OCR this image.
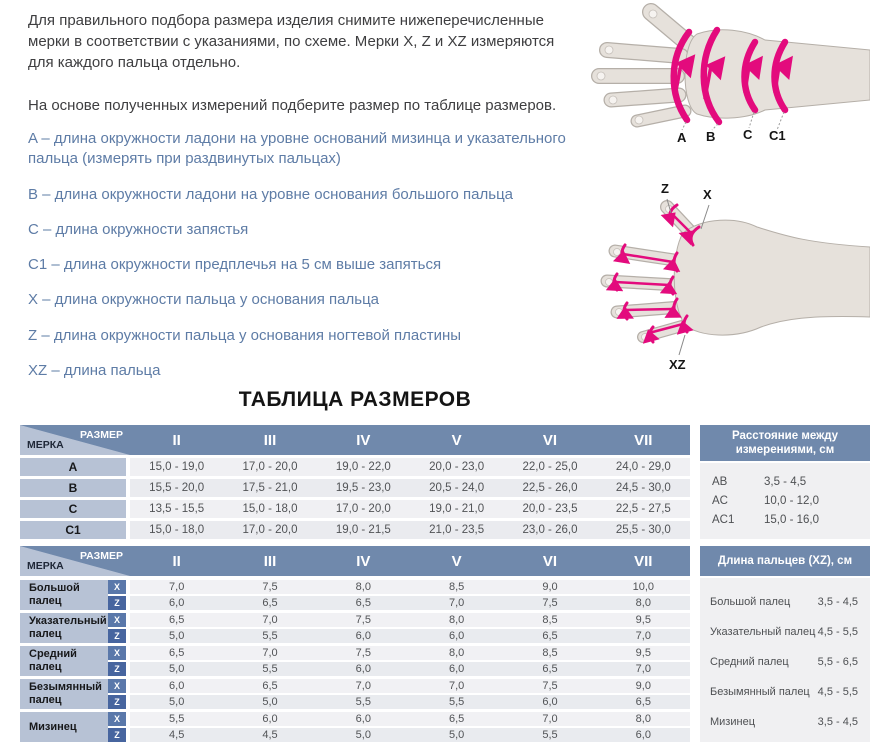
Для правильного подбора размера изделия снимите нижеперечисленные мерки в соответствии с указаниями, по схеме. Мерки X, Z и XZ измеряются для каждого пальца отдельно.

На основе полученных измерений подберите размер по таблице размеров.

A – длина окружности ладони на уровне оснований мизинца и указательного пальца (измерять при раздвинутых пальцах)
B – длина окружности ладони на уровне основания большого пальца
C – длина окружности запястья
C1 – длина окружности предплечья на 5 см выше запяться
X – длина окружности пальца у основания пальца
Z – длина окружности пальца у основания ногтевой пластины
XZ – длина пальца
A B C C1
Z	X
XZ
ТАБЛИЦА РАЗМЕРОВ
РАЗМЕР
МЕРКА	II	III	IV	V	VI	VII
A	15,0 - 19,0	17,0 - 20,0	19,0 - 22,0	20,0 - 23,0	22,0 - 25,0	24,0 - 29,0
B	15,5 - 20,0	17,5 - 21,0	19,5 - 23,0	20,5 - 24,0	22,5 - 26,0	24,5 - 30,0
C	13,5 - 15,5	15,0 - 18,0	17,0 - 20,0	19,0 - 21,0	20,0 - 23,5	22,5 - 27,5
C1	15,0 - 18,0	17,0 - 20,0	19,0 - 21,5	21,0 - 23,5	23,0 - 26,0	25,5 - 30,0
Расстояние между измерениями, см
AB	3,5 - 4,5
AC	10,0 - 12,0
AC1	15,0 - 16,0
РАЗМЕР
МЕРКА	II	III	IV	V	VI	VII
Большой палец
X	7,0	7,5	8,0	8,5	9,0	10,0
Z	6,0	6,5	6,5	7,0	7,5	8,0
Указательный палец
X	6,5	7,0	7,5	8,0	8,5	9,5
Z	5,0	5,5	6,0	6,0	6,5	7,0
Средний палец
X	6,5	7,0	7,5	8,0	8,5	9,5
Z	5,0	5,5	6,0	6,0	6,5	7,0
Безымянный палец
X	6,0	6,5	7,0	7,0	7,5	9,0
Z	5,0	5,0	5,5	5,5	6,0	6,5
Мизинец
X	5,5	6,0	6,0	6,5	7,0	8,0
Z	4,5	4,5	5,0	5,0	5,5	6,0
Длина пальцев (XZ), см
Большой палец 3,5 - 4,5
Указательный палец 4,5 - 5,5
Средний палец	5,5 - 6,5
Безымянный палец 4,5 - 5,5
Мизинец	3,5 - 4,5
